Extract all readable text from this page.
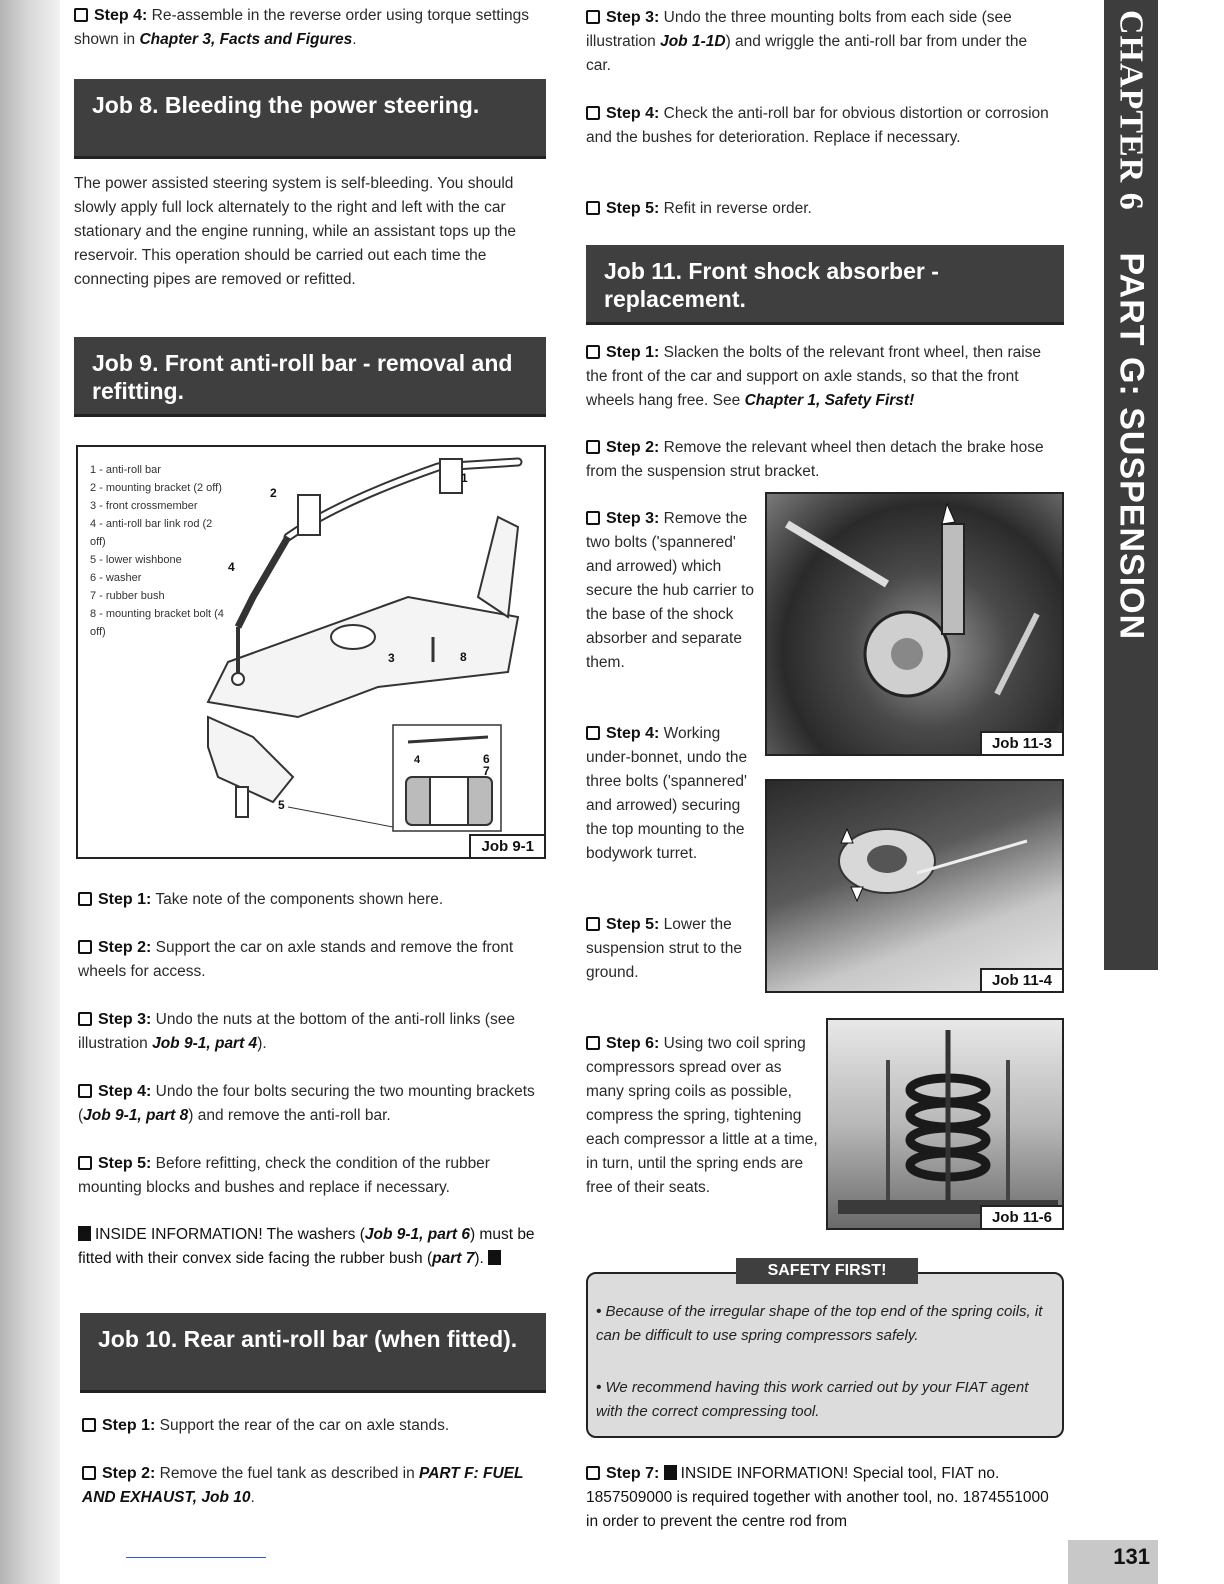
Step 4: Re-assemble in the reverse order using torque settings shown in Chapter 3, Facts and Figures.

Job 8. Bleeding the power steering.

The power assisted steering system is self-bleeding. You should slowly apply full lock alternately to the right and left with the car stationary and the engine running, while an assistant tops up the reservoir. This operation should be carried out each time the connecting pipes are removed or refitted.

Job 9. Front anti-roll bar - removal and refitting.
1 - anti-roll bar
2 - mounting bracket (2 off)
3 - front crossmember
4 - anti-roll bar link rod (2 off)
5 - lower wishbone
6 - washer
7 - rubber bush
8 - mounting bracket bolt (4 off)
2
3
4
5
6
7
8
4
1
Job 9-1

Step 1: Take note of the components shown here.

Step 2: Support the car on axle stands and remove the front wheels for access.

Step 3: Undo the nuts at the bottom of the anti-roll links (see illustration Job 9-1, part 4).

Step 4: Undo the four bolts securing the two mounting brackets (Job 9-1, part 8) and remove the anti-roll bar.

Step 5: Before refitting, check the condition of the rubber mounting blocks and bushes and replace if necessary.

INSIDE INFORMATION! The washers (Job 9-1, part 6) must be fitted with their convex side facing the rubber bush (part 7).

Job 10. Rear anti-roll bar (when fitted).

Step 1: Support the rear of the car on axle stands.

Step 2: Remove the fuel tank as described in PART F: FUEL AND EXHAUST, Job 10.

Step 3: Undo the three mounting bolts from each side (see illustration Job 1-1D) and wriggle the anti-roll bar from under the car.

Step 4: Check the anti-roll bar for obvious distortion or corrosion and the bushes for deterioration. Replace if necessary.

Step 5: Refit in reverse order.

Job 11. Front shock absorber - replacement.

Step 1: Slacken the bolts of the relevant front wheel, then raise the front of the car and support on axle stands, so that the front wheels hang free. See Chapter 1, Safety First!

Step 2: Remove the relevant wheel then detach the brake hose from the suspension strut bracket.

Step 3: Remove the two bolts ('spannered' and arrowed) which secure the hub carrier to the base of the shock absorber and separate them.

Step 4: Working under-bonnet, undo the three bolts ('spannered' and arrowed) securing the top mounting to the bodywork turret.

Step 5: Lower the suspension strut to the ground.

Step 6: Using two coil spring compressors spread over as many spring coils as possible, compress the spring, tightening each compressor a little at a time, in turn, until the spring ends are free of their seats.

Job 11-3
Job 11-4
Job 11-6

• Because of the irregular shape of the top end of the spring coils, it can be difficult to use spring compressors safely.

• We recommend having this work carried out by your FIAT agent with the correct compressing tool.

SAFETY FIRST!

Step 7: INSIDE INFORMATION! Special tool, FIAT no. 1857509000 is required together with another tool, no. 1874551000 in order to prevent the centre rod from

CHAPTER 6    PART G: SUSPENSION
131
